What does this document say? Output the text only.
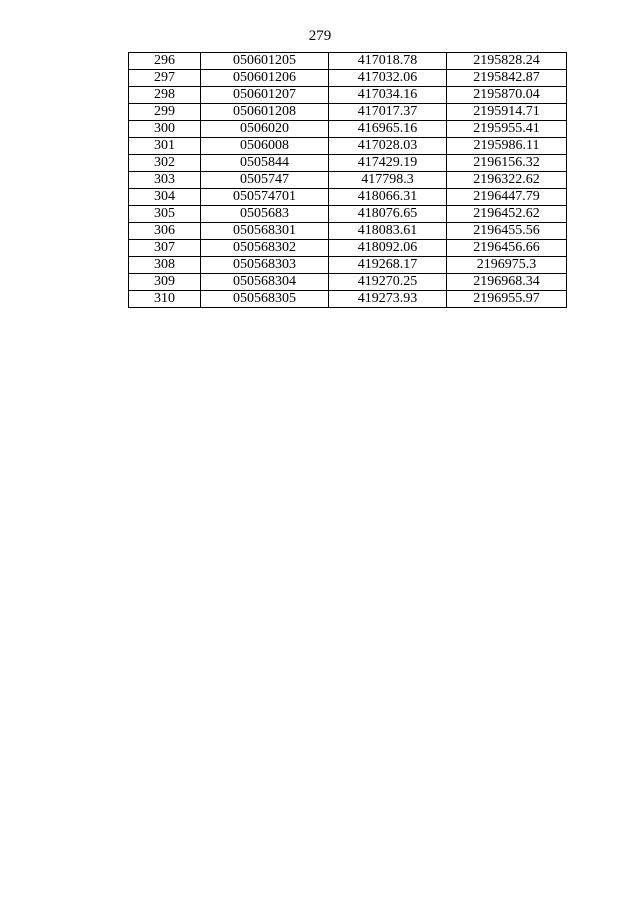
279
296	050601205	417018.78	2195828.24
297	050601206	417032.06	2195842.87
298	050601207	417034.16	2195870.04
299	050601208	417017.37	2195914.71
300	0506020	416965.16	2195955.41
301	0506008	417028.03	2195986.11
302	0505844	417429.19	2196156.32
303	0505747	417798.3	2196322.62
304	050574701	418066.31	2196447.79
305	0505683	418076.65	2196452.62
306	050568301	418083.61	2196455.56
307	050568302	418092.06	2196456.66
308	050568303	419268.17	2196975.3
309	050568304	419270.25	2196968.34
310	050568305	419273.93	2196955.97
